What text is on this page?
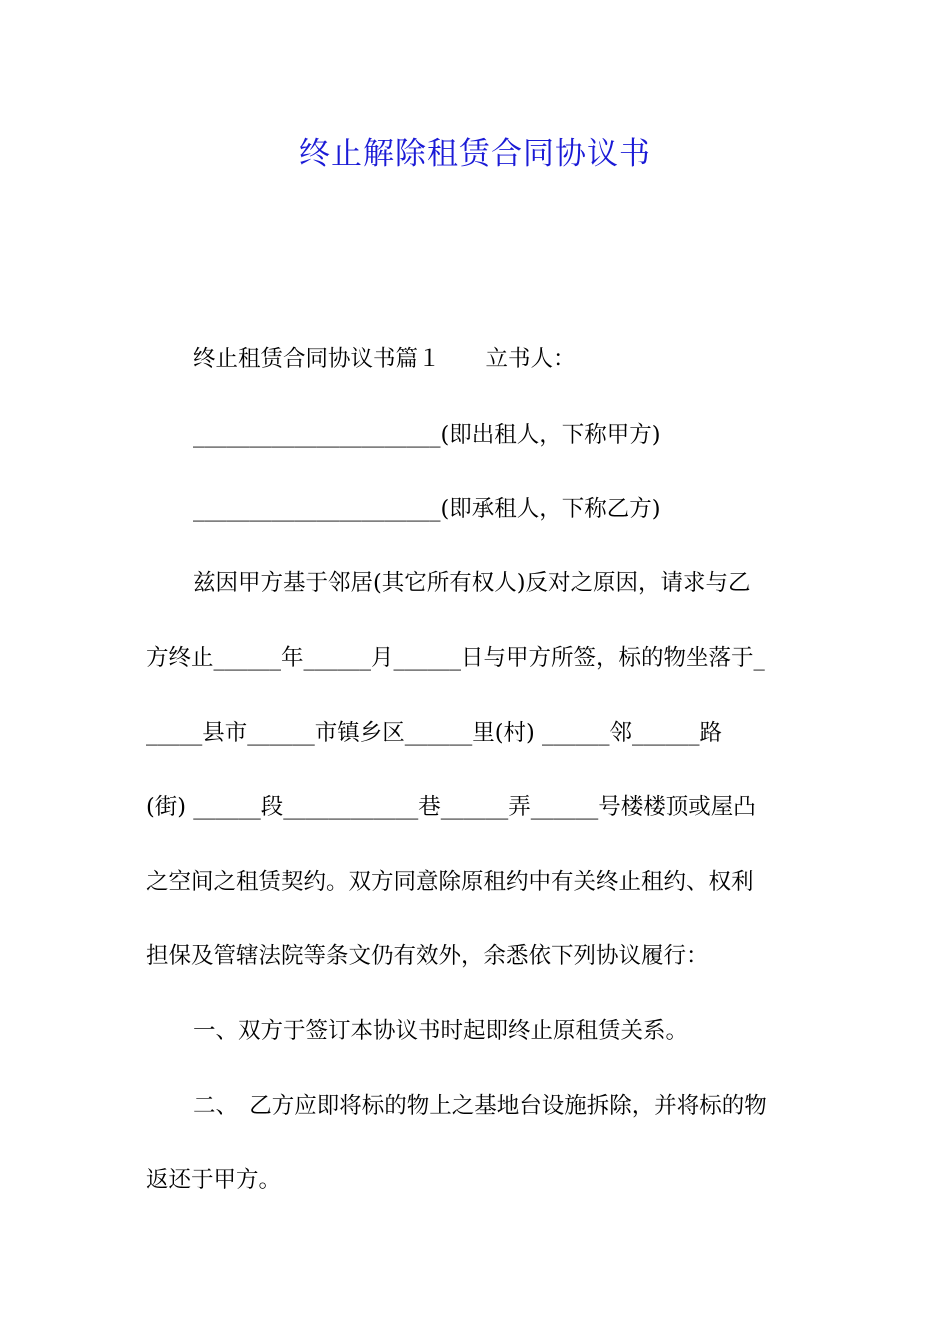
终止解除租赁合同协议书

终止租赁合同协议书篇１　　立书人：

______________________(即出租人，下称甲方)

______________________(即承租人，下称乙方)

兹因甲方基于邻居(其它所有权人)反对之原因，请求与乙

方终止______年______月______日与甲方所签，标的物坐落于_

_____县市______市镇乡区______里(村) ______邻______路

(街) ______段____________巷______弄______号楼楼顶或屋凸

之空间之租赁契约。双方同意除原租约中有关终止租约、权利

担保及管辖法院等条文仍有效外，余悉依下列协议履行：

一、双方于签订本协议书时起即终止原租赁关系。

二、　乙方应即将标的物上之基地台设施拆除，并将标的物

返还于甲方。
